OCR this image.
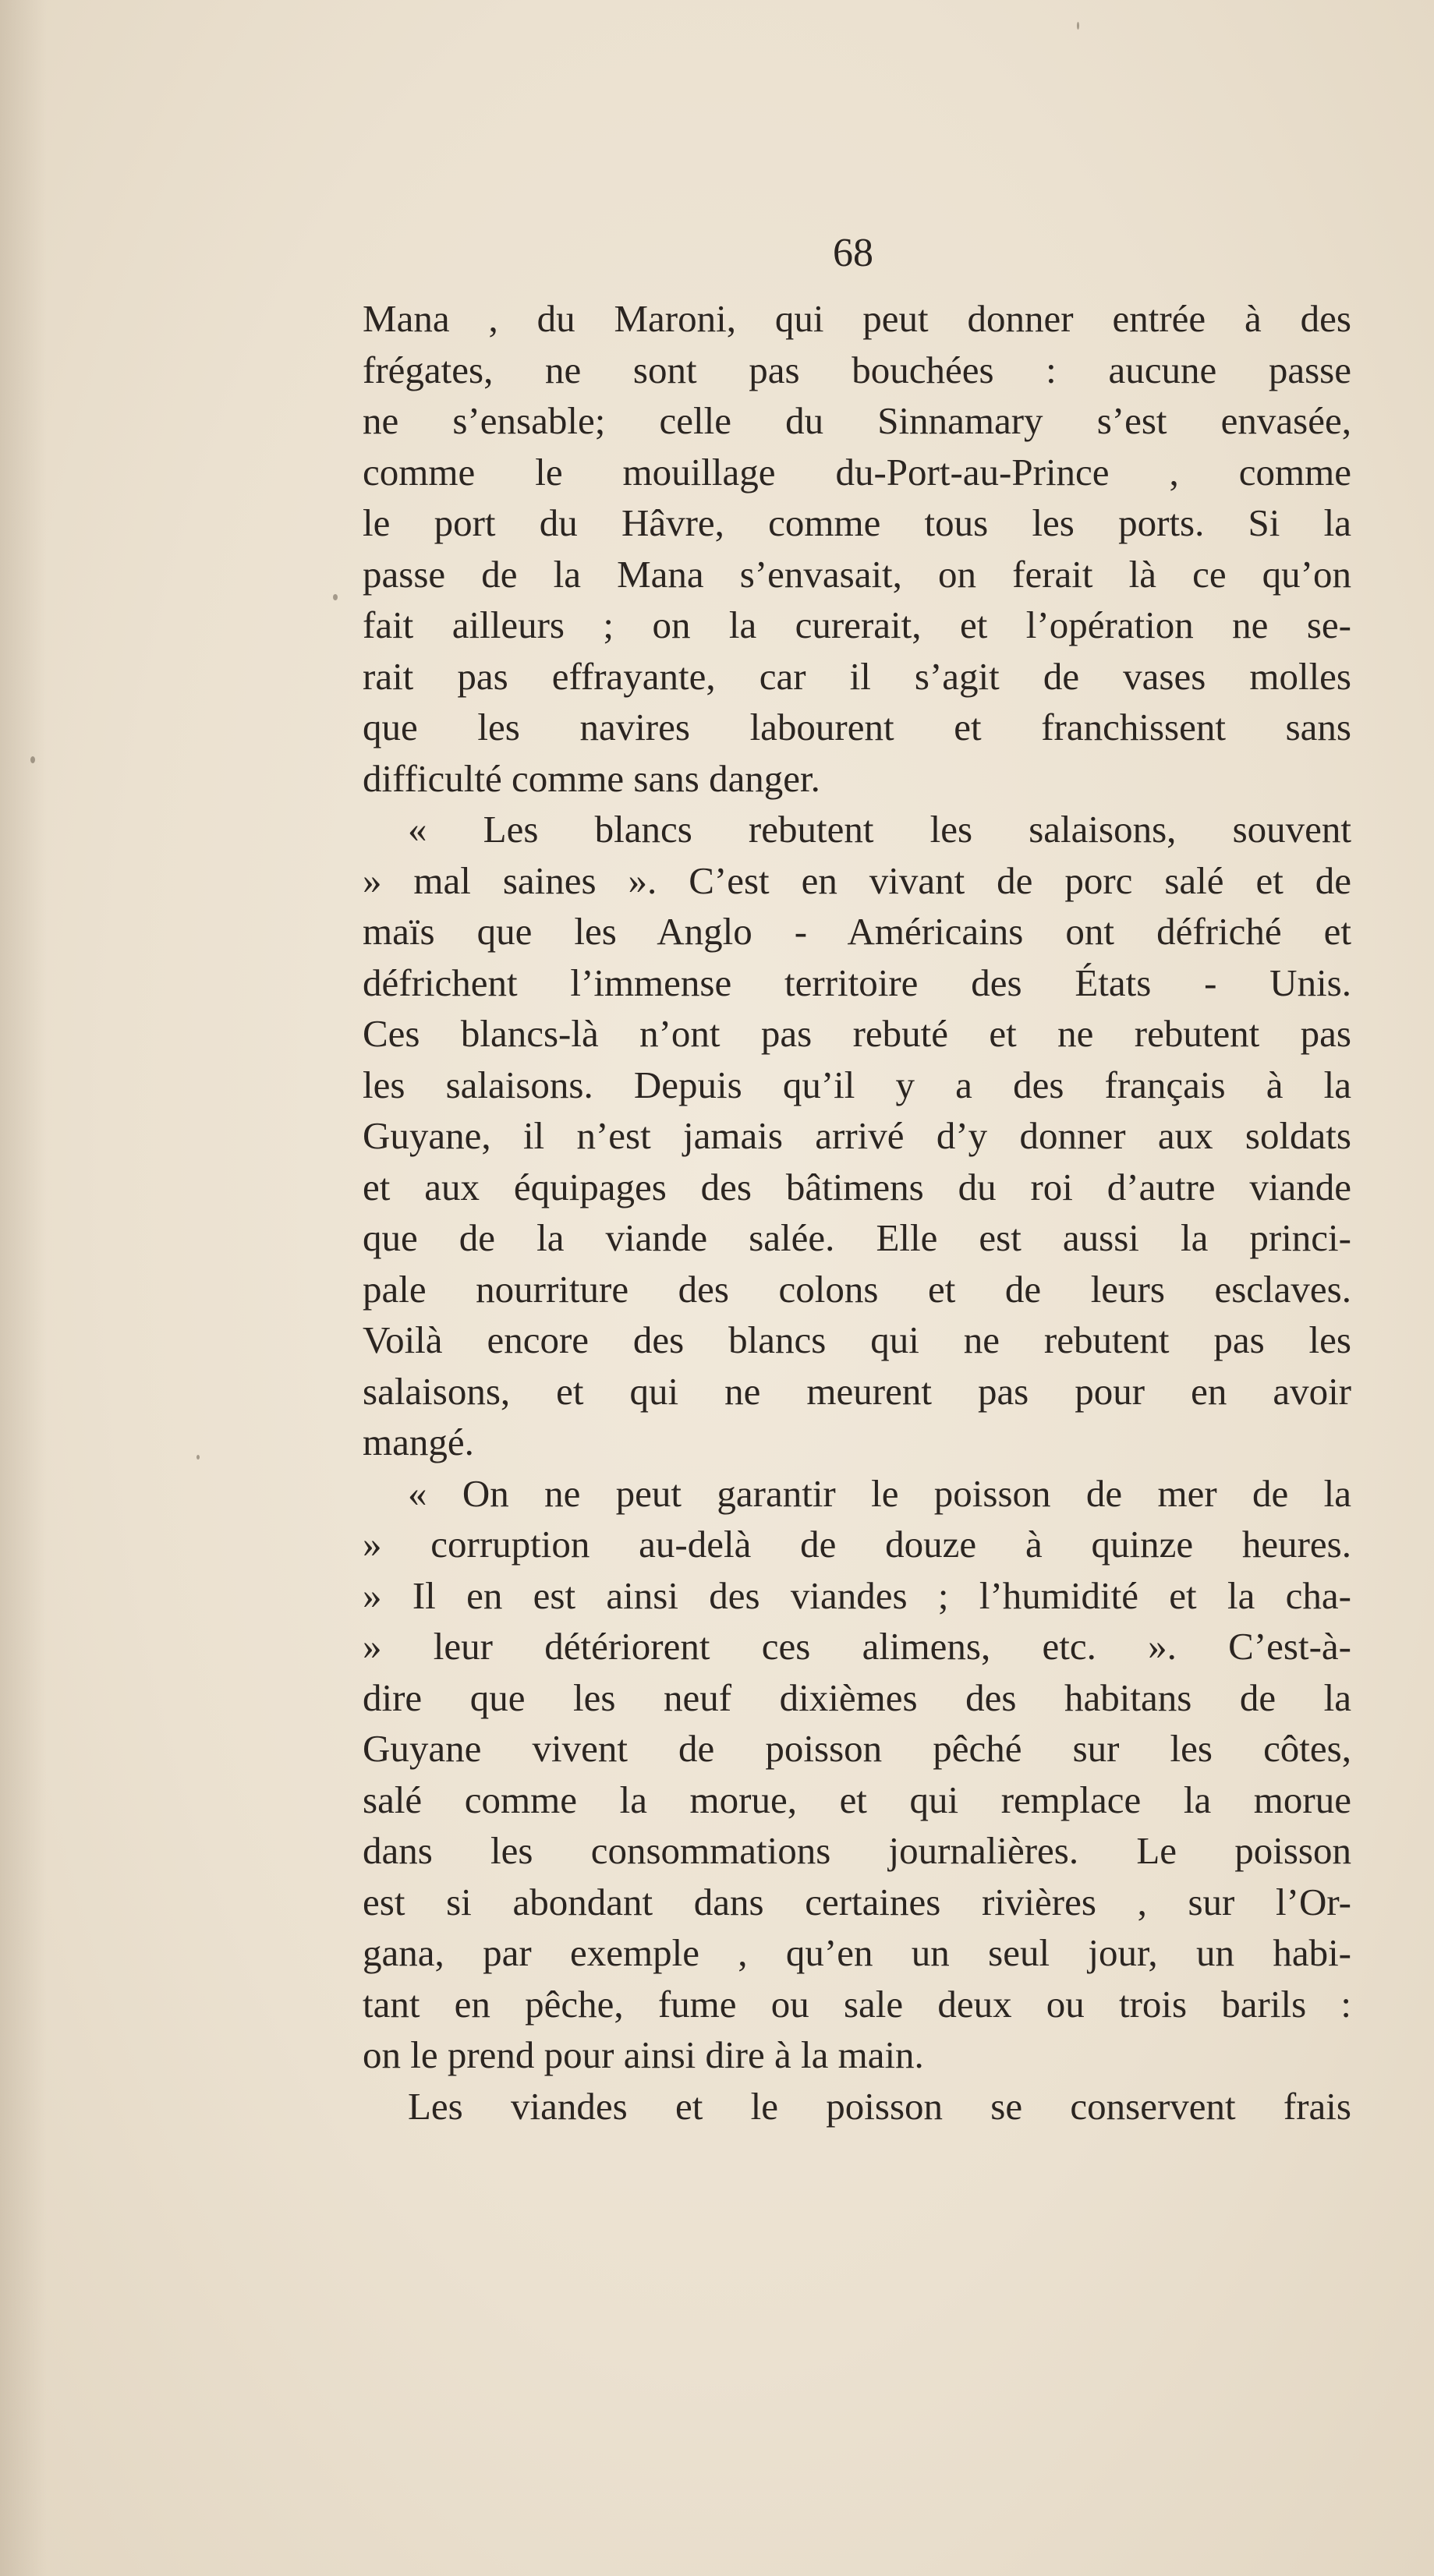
68
Mana , du Maroni, qui peut donner entrée à des
frégates, ne sont pas bouchées : aucune passe
ne s’ensable; celle du Sinnamary s’est envasée,
comme le mouillage du-Port-au-Prince , comme
le port du Hâvre, comme tous les ports. Si la
passe de la Mana s’envasait, on ferait là ce qu’on
fait ailleurs ; on la curerait, et l’opération ne se-
rait pas effrayante, car il s’agit de vases molles
que les navires labourent et franchissent sans
difficulté comme sans danger.
« Les blancs rebutent les salaisons, souvent
» mal saines ». C’est en vivant de porc salé et de
maïs que les Anglo - Américains ont défriché et
défrichent l’immense territoire des États - Unis.
Ces blancs-là n’ont pas rebuté et ne rebutent pas
les salaisons. Depuis qu’il y a des français à la
Guyane, il n’est jamais arrivé d’y donner aux soldats
et aux équipages des bâtimens du roi d’autre viande
que de la viande salée. Elle est aussi la princi-
pale nourriture des colons et de leurs esclaves.
Voilà encore des blancs qui ne rebutent pas les
salaisons, et qui ne meurent pas pour en avoir
mangé.
« On ne peut garantir le poisson de mer de la
» corruption au-delà de douze à quinze heures.
» Il en est ainsi des viandes ; l’humidité et la cha-
» leur détériorent ces alimens, etc. ». C’est-à-
dire que les neuf dixièmes des habitans de la
Guyane vivent de poisson pêché sur les côtes,
salé comme la morue, et qui remplace la morue
dans les consommations journalières. Le poisson
est si abondant dans certaines rivières , sur l’Or-
gana, par exemple , qu’en un seul jour, un habi-
tant en pêche, fume ou sale deux ou trois barils :
on le prend pour ainsi dire à la main.
Les viandes et le poisson se conservent frais
